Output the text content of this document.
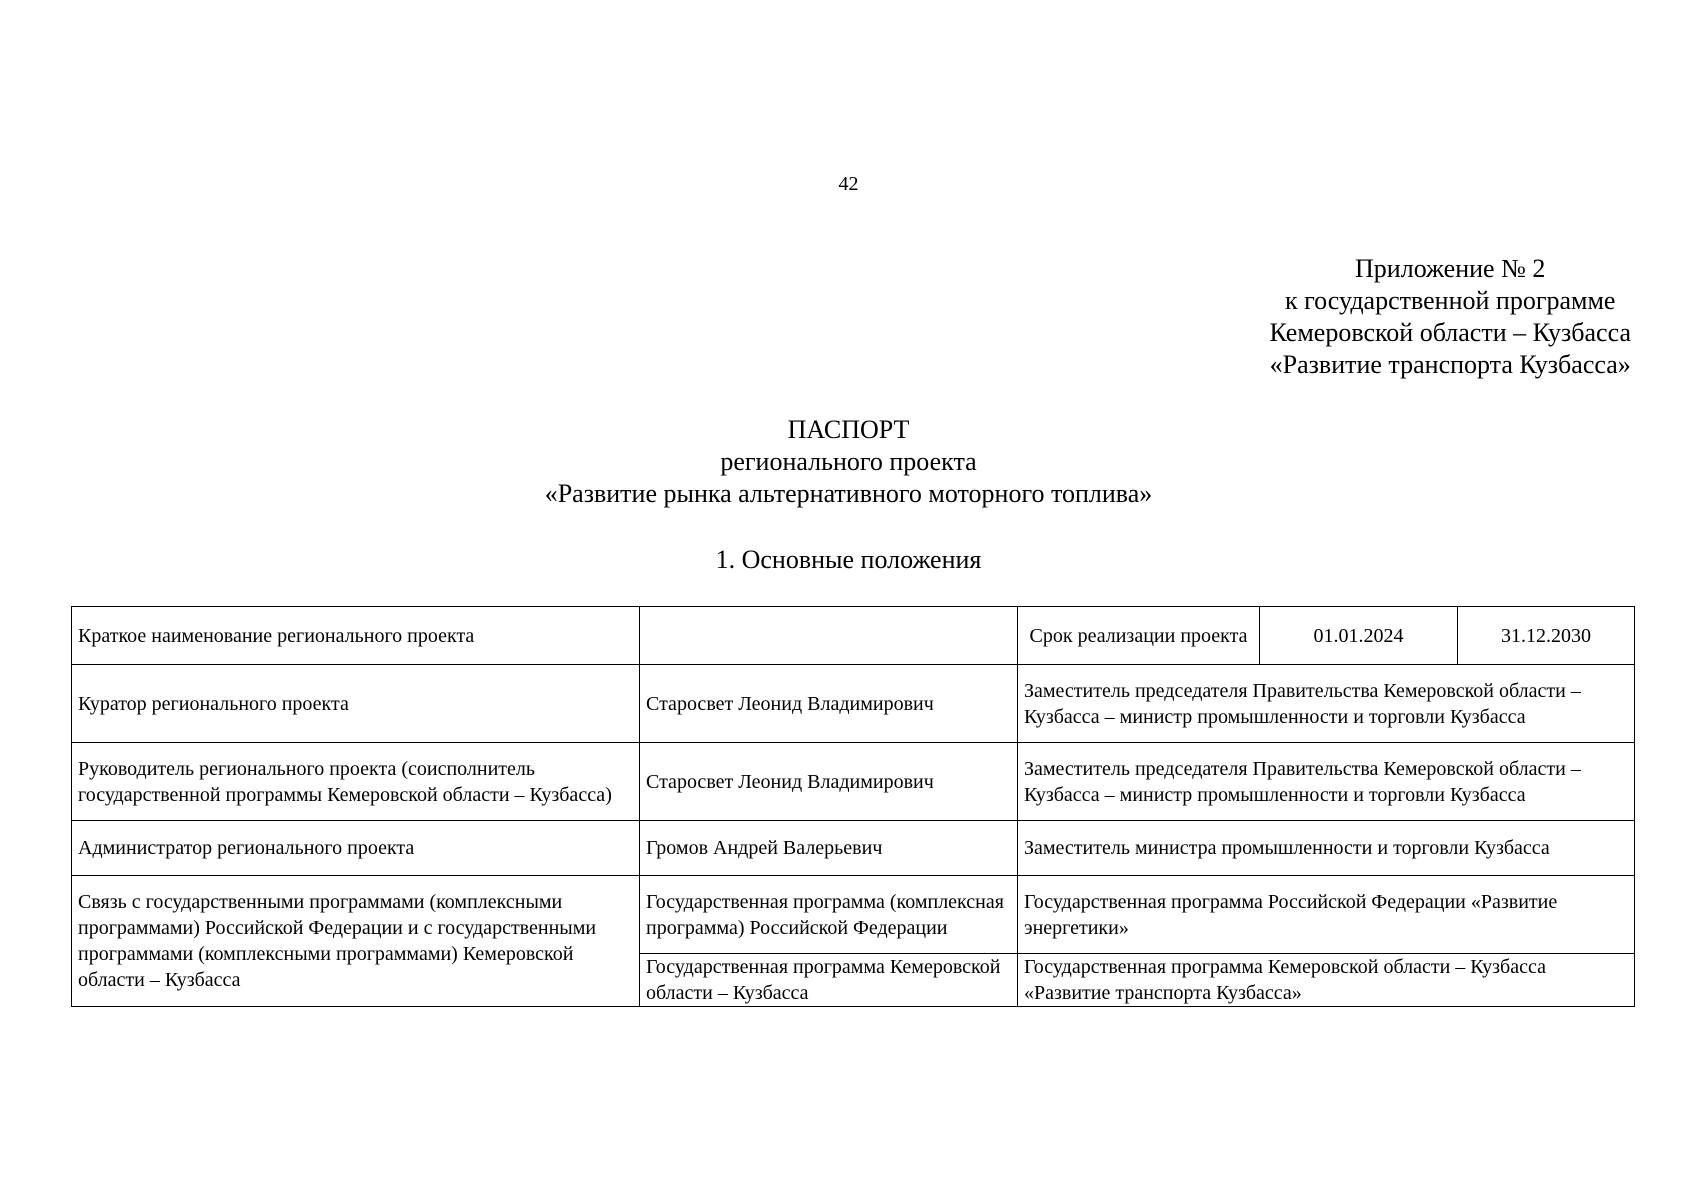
42
Приложение № 2
к государственной программе
Кемеровской области – Кузбасса
«Развитие транспорта Кузбасса»
ПАСПОРТ
регионального проекта
«Развитие рынка альтернативного моторного топлива»
1. Основные положения
Краткое наименование регионального проекта		Срок реализации проекта	01.01.2024	31.12.2030
Куратор регионального проекта	Старосвет Леонид Владимирович	Заместитель председателя Правительства Кемеровской области – Кузбасса – министр промышленности и торговли Кузбасса		
Руководитель регионального проекта (соисполнитель государственной программы Кемеровской области – Кузбасса)	Старосвет Леонид Владимирович	Заместитель председателя Правительства Кемеровской области – Кузбасса – министр промышленности и торговли Кузбасса		
Администратор регионального проекта	Громов Андрей Валерьевич	Заместитель министра промышленности и торговли Кузбасса		
Связь с государственными программами (комплексными программами) Российской Федерации и с государственными программами (комплексными программами) Кемеровской области – Кузбасса	Государственная программа (комплексная программа) Российской Федерации	Государственная программа Российской Федерации «Развитие энергетики»		
	Государственная программа Кемеровской области – Кузбасса	Государственная программа Кемеровской области – Кузбасса «Развитие транспорта Кузбасса»		
